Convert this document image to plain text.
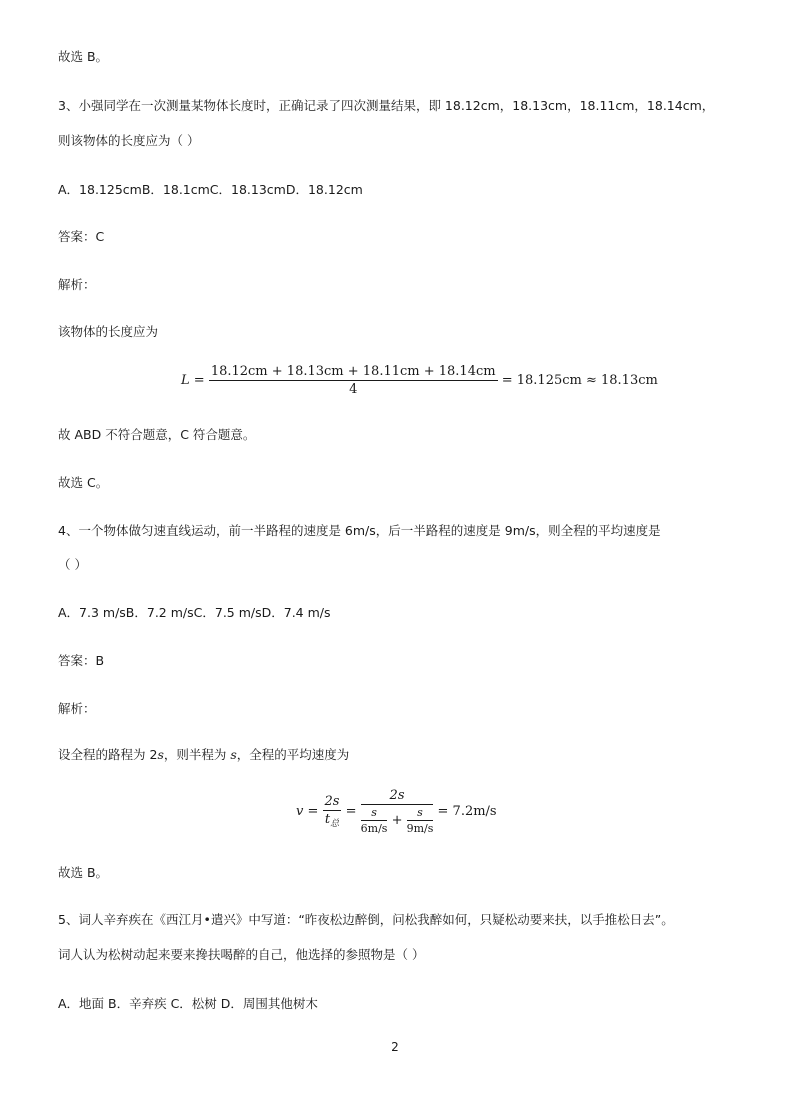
故选 B。
3、小强同学在一次测量某物体长度时，正确记录了四次测量结果，即 18.12cm，18.13cm，18.11cm，18.14cm，
则该物体的长度应为（ ）
A．18.125cmB．18.1cmC．18.13cmD．18.12cm
答案：C
解析：
该物体的长度应为
$L = \frac{18.12cm + 18.13cm + 18.11cm + 18.14cm}{4} = 18.125cm \approx 18.13cm$
故 ABD 不符合题意，C 符合题意。
故选 C。
4、一个物体做匀速直线运动，前一半路程的速度是 6m/s，后一半路程的速度是 9m/s，则全程的平均速度是
（ ）
A．7.3 m/sB．7.2 m/sC．7.5 m/sD．7.4 m/s
答案：B
解析：
设全程的路程为 2s，则半程为 s，全程的平均速度为
$v = \frac{2s}{t_总} = \frac{2s}{\frac{s}{6m/s} + \frac{s}{9m/s}} = 7.2m/s$
故选 B。
5、词人辛弃疾在《西江月•遣兴》中写道：“昨夜松边醉倒，问松我醉如何，只疑松动要来扶，以手推松日去”。
词人认为松树动起来要来搀扶喝醉的自己，他选择的参照物是（ ）
A．地面 B．辛弃疾 C．松树 D．周围其他树木
2
